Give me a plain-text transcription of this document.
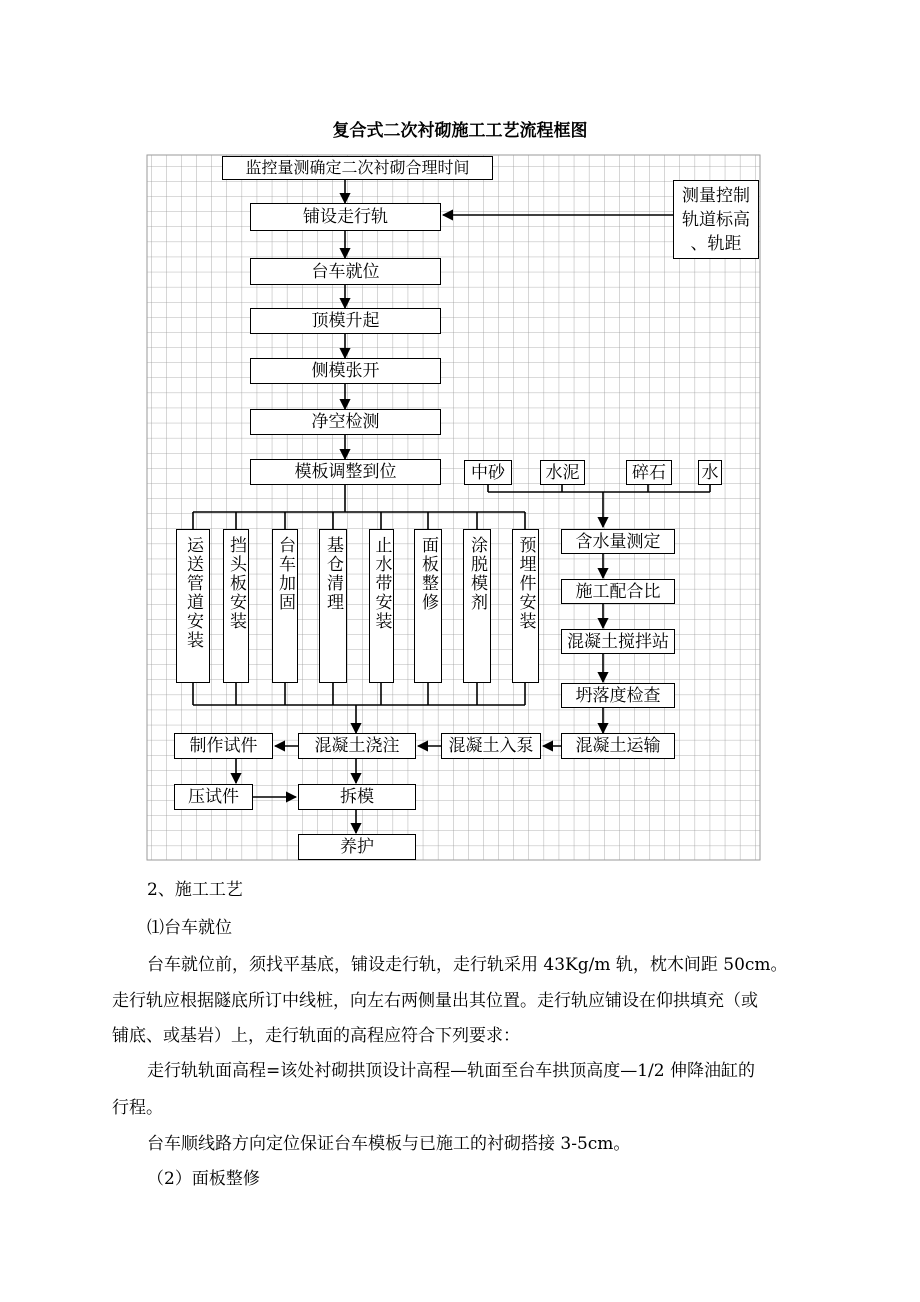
复合式二次衬砌施工工艺流程框图
监控量测确定二次衬砌合理时间
铺设走行轨
测量控制
轨道标高
、轨距
台车就位
顶模升起
侧模张开
净空检测
模板调整到位	中砂	水泥	碎石	水
运送管道安装 挡头板安装 台车加固 基仓清理 止水带安装 面板整修 涂脱模剂 预埋件安装	含水量测定
施工配合比
混凝土搅拌站
坍落度检查
混凝土运输
混凝土入泵
混凝土浇注
制作试件
压试件	拆模
养护
2、施工工艺
⑴台车就位
台车就位前，须找平基底，铺设走行轨，走行轨采用 43Kg/m 轨，枕木间距 50cm。
走行轨应根据隧底所订中线桩，向左右两侧量出其位置。走行轨应铺设在仰拱填充（或
铺底、或基岩）上，走行轨面的高程应符合下列要求：
走行轨轨面高程=该处衬砌拱顶设计高程—轨面至台车拱顶高度—1/2 伸降油缸的
行程。
台车顺线路方向定位保证台车模板与已施工的衬砌搭接 3-5cm。
（2）面板整修
